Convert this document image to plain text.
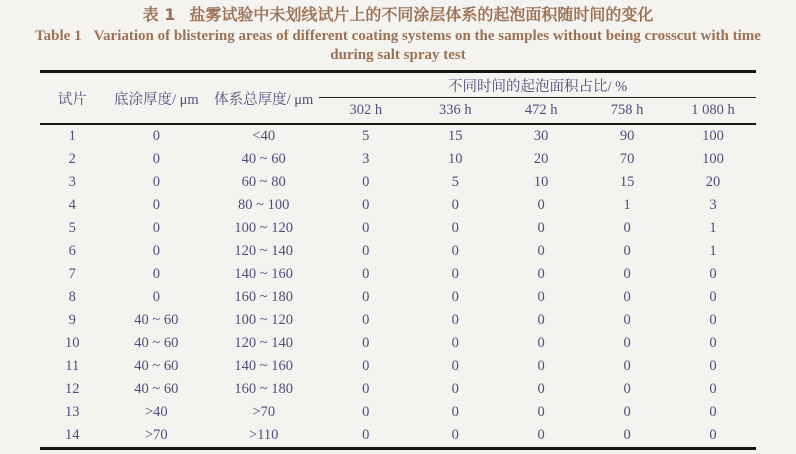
表 1 盐雾试验中未划线试片上的不同涂层体系的起泡面积随时间的变化
Table 1 Variation of blistering areas of different coating systems on the samples without being crosscut with time
during salt spray test
试片	底涂厚度/ μm	体系总厚度/ μm	不同时间的起泡面积占比/ %				
			302 h	336 h	472 h	758 h	1 080 h
1	0	<40	5	15	30	90	100
2	0	40 ~ 60	3	10	20	70	100
3	0	60 ~ 80	0	5	10	15	20
4	0	80 ~ 100	0	0	0	1	3
5	0	100 ~ 120	0	0	0	0	1
6	0	120 ~ 140	0	0	0	0	1
7	0	140 ~ 160	0	0	0	0	0
8	0	160 ~ 180	0	0	0	0	0
9	40 ~ 60	100 ~ 120	0	0	0	0	0
10	40 ~ 60	120 ~ 140	0	0	0	0	0
11	40 ~ 60	140 ~ 160	0	0	0	0	0
12	40 ~ 60	160 ~ 180	0	0	0	0	0
13	>40	>70	0	0	0	0	0
14	>70	>110	0	0	0	0	0
